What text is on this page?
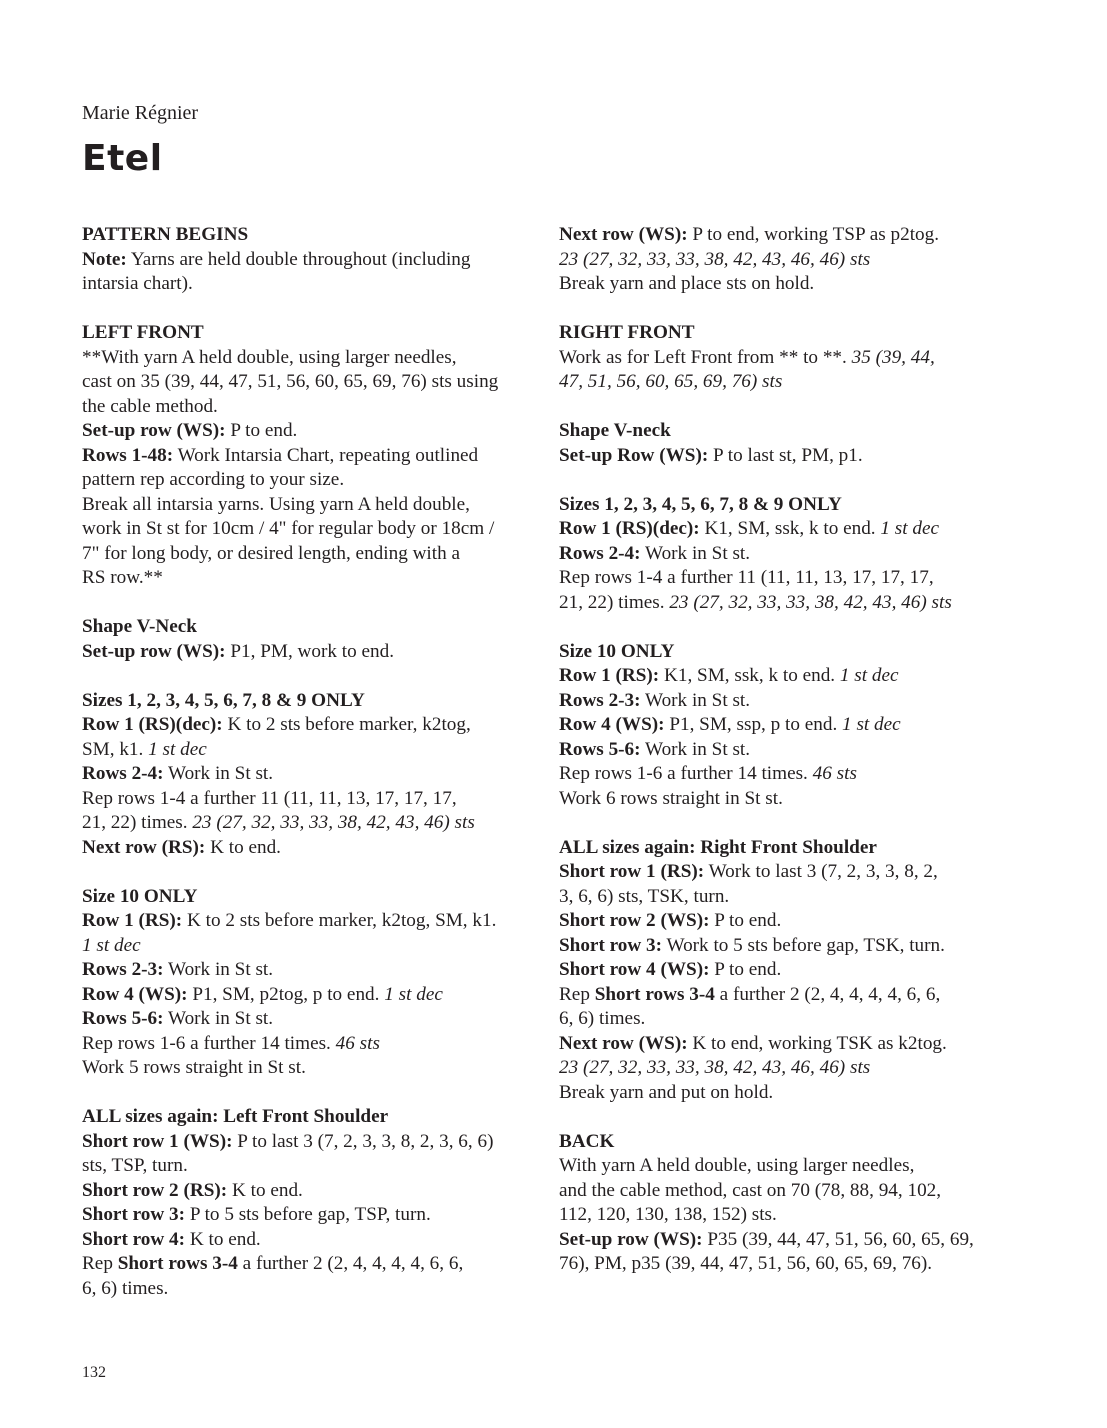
Marie Régnier
Etel
PATTERN BEGINS
Note: Yarns are held double throughout (including
intarsia chart).
LEFT FRONT
**With yarn A held double, using larger needles,
cast on 35 (39, 44, 47, 51, 56, 60, 65, 69, 76) sts using
the cable method.
Set-up row (WS): P to end.
Rows 1-48: Work Intarsia Chart, repeating outlined
pattern rep according to your size.
Break all intarsia yarns. Using yarn A held double,
work in St st for 10cm / 4" for regular body or 18cm /
7" for long body, or desired length, ending with a
RS row.**
Shape V-Neck
Set-up row (WS): P1, PM, work to end.
Sizes 1, 2, 3, 4, 5, 6, 7, 8 & 9 ONLY
Row 1 (RS)(dec): K to 2 sts before marker, k2tog,
SM, k1. 1 st dec
Rows 2-4: Work in St st.
Rep rows 1-4 a further 11 (11, 11, 13, 17, 17, 17,
21, 22) times. 23 (27, 32, 33, 33, 38, 42, 43, 46) sts
Next row (RS): K to end.
Size 10 ONLY
Row 1 (RS): K to 2 sts before marker, k2tog, SM, k1.
1 st dec
Rows 2-3: Work in St st.
Row 4 (WS): P1, SM, p2tog, p to end. 1 st dec
Rows 5-6: Work in St st.
Rep rows 1-6 a further 14 times. 46 sts
Work 5 rows straight in St st.
ALL sizes again: Left Front Shoulder
Short row 1 (WS): P to last 3 (7, 2, 3, 3, 8, 2, 3, 6, 6)
sts, TSP, turn.
Short row 2 (RS): K to end.
Short row 3: P to 5 sts before gap, TSP, turn.
Short row 4: K to end.
Rep Short rows 3-4 a further 2 (2, 4, 4, 4, 4, 6, 6,
6, 6) times.
Next row (WS): P to end, working TSP as p2tog.
23 (27, 32, 33, 33, 38, 42, 43, 46, 46) sts
Break yarn and place sts on hold.
RIGHT FRONT
Work as for Left Front from ** to **. 35 (39, 44,
47, 51, 56, 60, 65, 69, 76) sts
Shape V-neck
Set-up Row (WS): P to last st, PM, p1.
Sizes 1, 2, 3, 4, 5, 6, 7, 8 & 9 ONLY
Row 1 (RS)(dec): K1, SM, ssk, k to end. 1 st dec
Rows 2-4: Work in St st.
Rep rows 1-4 a further 11 (11, 11, 13, 17, 17, 17,
21, 22) times. 23 (27, 32, 33, 33, 38, 42, 43, 46) sts
Size 10 ONLY
Row 1 (RS): K1, SM, ssk, k to end. 1 st dec
Rows 2-3: Work in St st.
Row 4 (WS): P1, SM, ssp, p to end. 1 st dec
Rows 5-6: Work in St st.
Rep rows 1-6 a further 14 times. 46 sts
Work 6 rows straight in St st.
ALL sizes again: Right Front Shoulder
Short row 1 (RS): Work to last 3 (7, 2, 3, 3, 8, 2,
3, 6, 6) sts, TSK, turn.
Short row 2 (WS): P to end.
Short row 3: Work to 5 sts before gap, TSK, turn.
Short row 4 (WS): P to end.
Rep Short rows 3-4 a further 2 (2, 4, 4, 4, 4, 6, 6,
6, 6) times.
Next row (WS): K to end, working TSK as k2tog.
23 (27, 32, 33, 33, 38, 42, 43, 46, 46) sts
Break yarn and put on hold.
BACK
With yarn A held double, using larger needles,
and the cable method, cast on 70 (78, 88, 94, 102,
112, 120, 130, 138, 152) sts.
Set-up row (WS): P35 (39, 44, 47, 51, 56, 60, 65, 69,
76), PM, p35 (39, 44, 47, 51, 56, 60, 65, 69, 76).
132
